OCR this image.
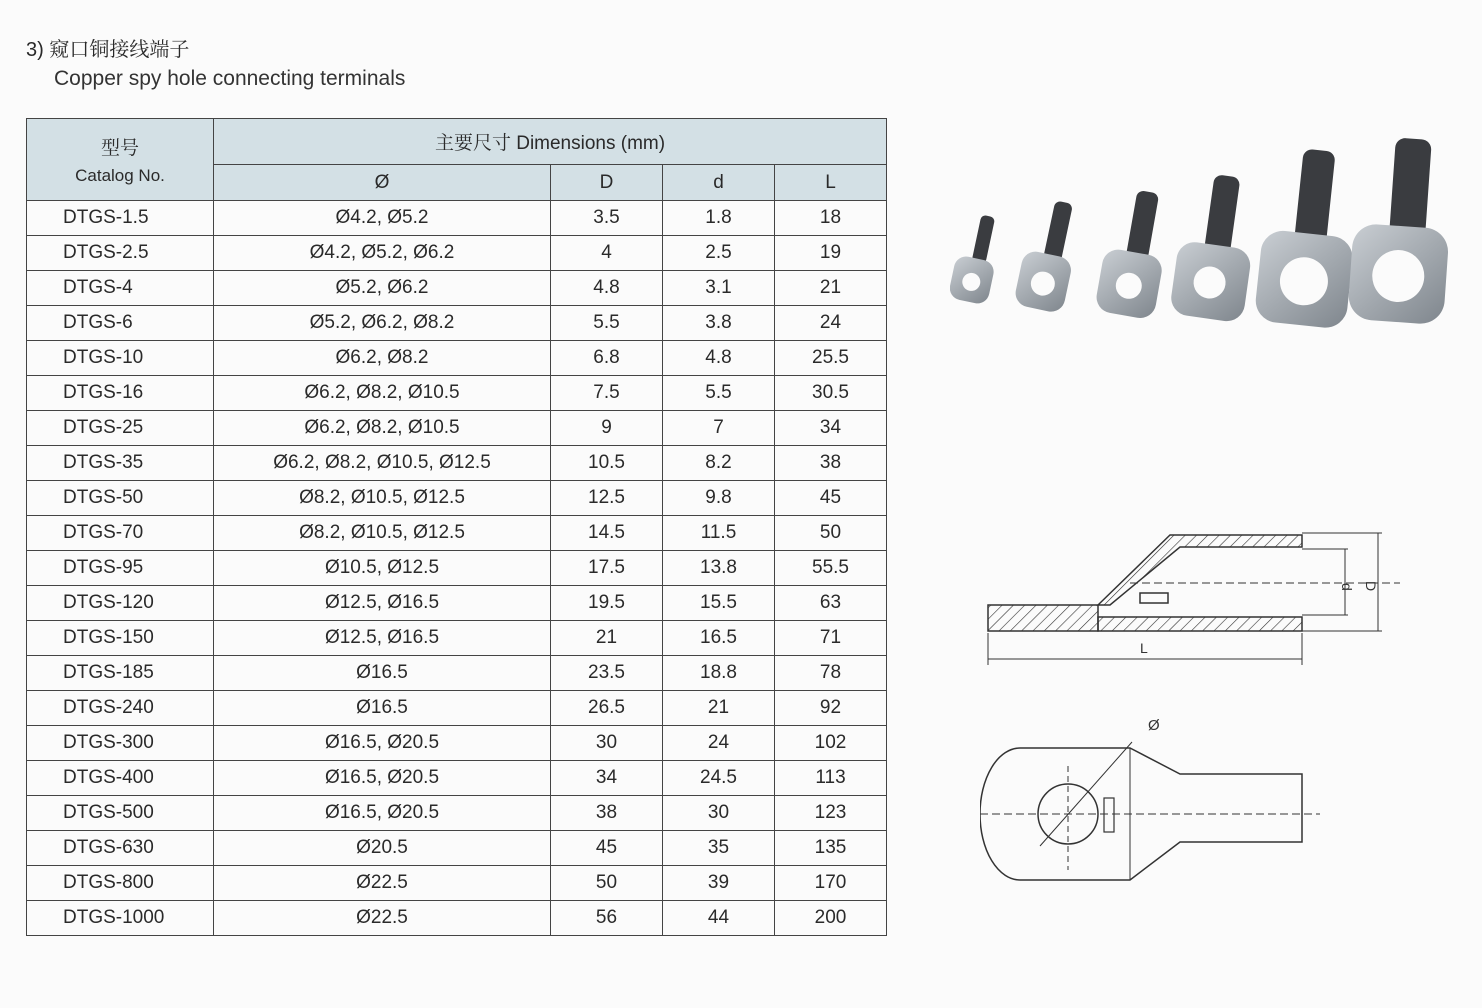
3) 窥口铜接线端子
Copper spy hole connecting terminals
型号
Catalog No.	主要尺寸 Dimensions (mm)			
	Ø	D	d	L
DTGS-1.5	Ø4.2, Ø5.2	3.5	1.8	18
DTGS-2.5	Ø4.2, Ø5.2, Ø6.2	4	2.5	19
DTGS-4	Ø5.2, Ø6.2	4.8	3.1	21
DTGS-6	Ø5.2, Ø6.2, Ø8.2	5.5	3.8	24
DTGS-10	Ø6.2, Ø8.2	6.8	4.8	25.5
DTGS-16	Ø6.2, Ø8.2, Ø10.5	7.5	5.5	30.5
DTGS-25	Ø6.2, Ø8.2, Ø10.5	9	7	34
DTGS-35	Ø6.2, Ø8.2, Ø10.5, Ø12.5	10.5	8.2	38
DTGS-50	Ø8.2, Ø10.5, Ø12.5	12.5	9.8	45
DTGS-70	Ø8.2, Ø10.5, Ø12.5	14.5	11.5	50
DTGS-95	Ø10.5, Ø12.5	17.5	13.8	55.5
DTGS-120	Ø12.5, Ø16.5	19.5	15.5	63
DTGS-150	Ø12.5, Ø16.5	21	16.5	71
DTGS-185	Ø16.5	23.5	18.8	78
DTGS-240	Ø16.5	26.5	21	92
DTGS-300	Ø16.5, Ø20.5	30	24	102
DTGS-400	Ø16.5, Ø20.5	34	24.5	113
DTGS-500	Ø16.5, Ø20.5	38	30	123
DTGS-630	Ø20.5	45	35	135
DTGS-800	Ø22.5	50	39	170
DTGS-1000	Ø22.5	56	44	200
d D
L
Ø
